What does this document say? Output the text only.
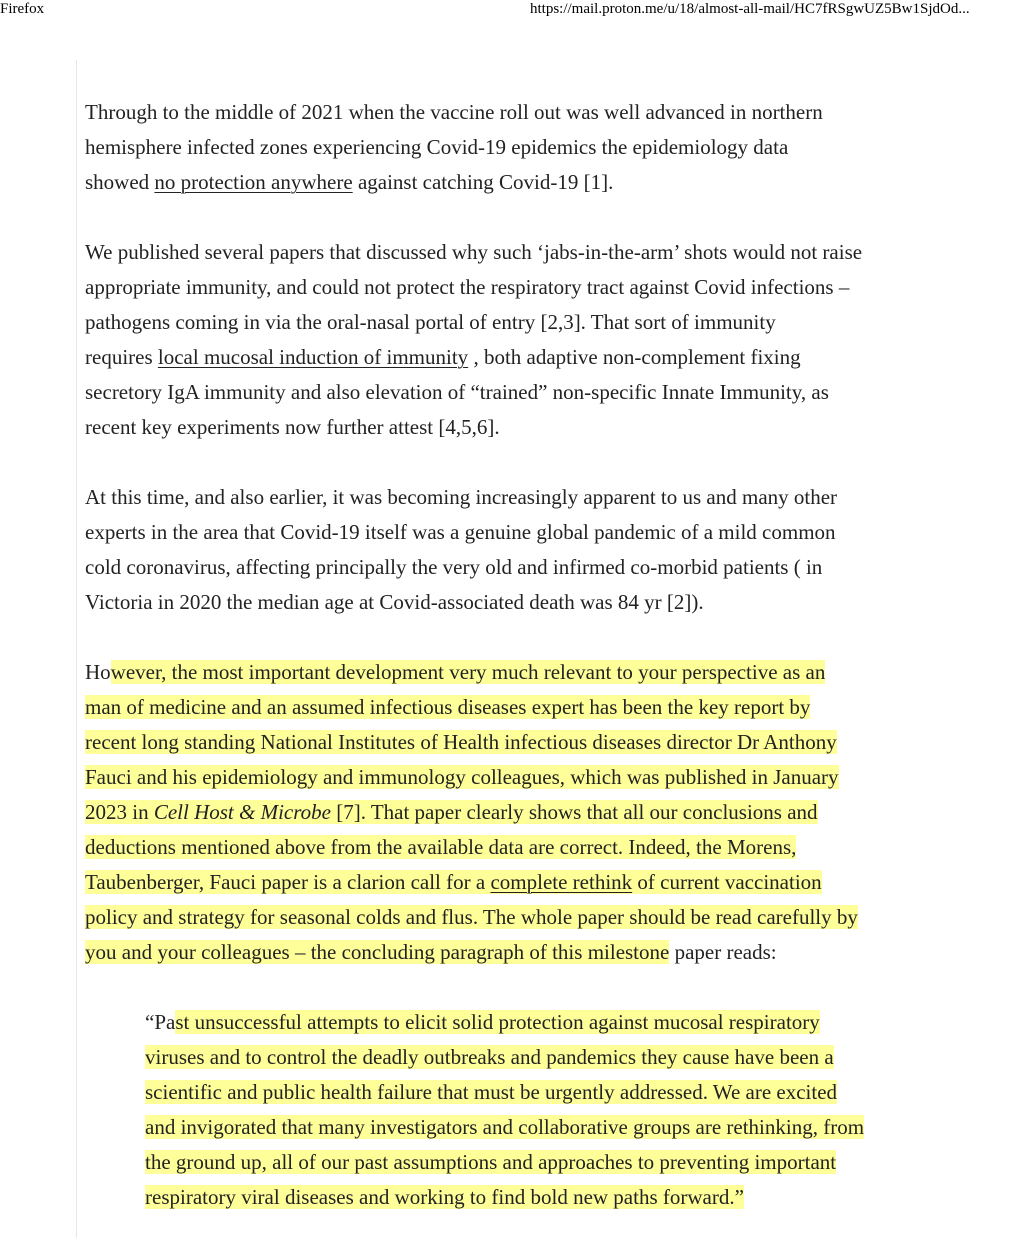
Firefox	https://mail.proton.me/u/18/almost-all-mail/HC7fRSgwUZ5Bw1SjdOd...

Through to the middle of 2021 when the vaccine roll out was well advanced in northern
hemisphere infected zones experiencing Covid-19 epidemics the epidemiology data
showed no protection anywhere against catching Covid-19 [1].

We published several papers that discussed why such ‘jabs-in-the-arm’ shots would not raise
appropriate immunity, and could not protect the respiratory tract against Covid infections –
pathogens coming in via the oral-nasal portal of entry [2,3]. That sort of immunity
requires local mucosal induction of immunity , both adaptive non-complement fixing
secretory IgA immunity and also elevation of “trained” non-specific Innate Immunity, as
recent key experiments now further attest [4,5,6].

At this time, and also earlier, it was becoming increasingly apparent to us and many other
experts in the area that Covid-19 itself was a genuine global pandemic of a mild common
cold coronavirus, affecting principally the very old and infirmed co-morbid patients ( in
Victoria in 2020 the median age at Covid-associated death was 84 yr [2]).

However, the most important development very much relevant to your perspective as an
man of medicine and an assumed infectious diseases expert has been the key report by
recent long standing National Institutes of Health infectious diseases director Dr Anthony
Fauci and his epidemiology and immunology colleagues, which was published in January
2023 in Cell Host & Microbe [7]. That paper clearly shows that all our conclusions and
deductions mentioned above from the available data are correct. Indeed, the Morens,
Taubenberger, Fauci paper is a clarion call for a complete rethink of current vaccination
policy and strategy for seasonal colds and flus. The whole paper should be read carefully by
you and your colleagues – the concluding paragraph of this milestone paper reads:

“Past unsuccessful attempts to elicit solid protection against mucosal respiratory
viruses and to control the deadly outbreaks and pandemics they cause have been a
scientific and public health failure that must be urgently addressed. We are excited
and invigorated that many investigators and collaborative groups are rethinking, from
the ground up, all of our past assumptions and approaches to preventing important
respiratory viral diseases and working to find bold new paths forward.”
